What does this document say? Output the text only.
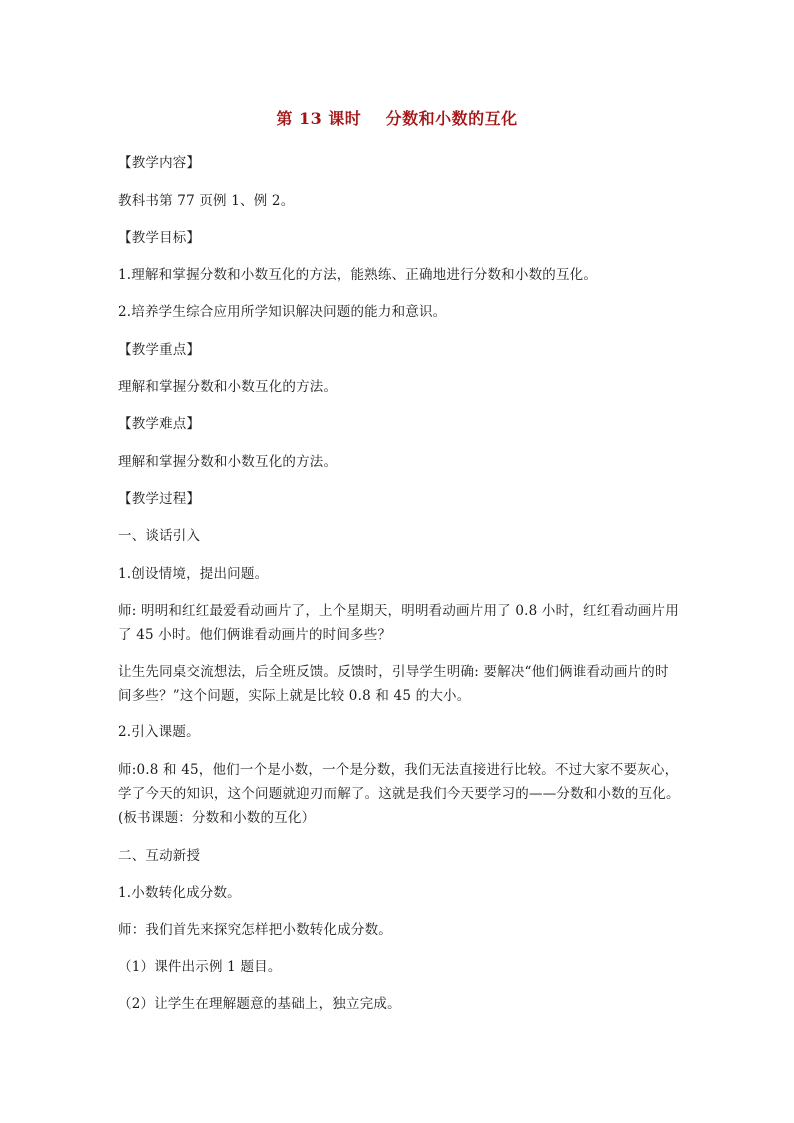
第 13 课时    分数和小数的互化
【教学内容】
教科书第 77 页例 1、例 2。
【教学目标】
1.理解和掌握分数和小数互化的方法，能熟练、正确地进行分数和小数的互化。
2.培养学生综合应用所学知识解决问题的能力和意识。
【教学重点】
理解和掌握分数和小数互化的方法。
【教学难点】
理解和掌握分数和小数互化的方法。
【教学过程】
一、谈话引入
1.创设情境，提出问题。
师: 明明和红红最爱看动画片了，上个星期天，明明看动画片用了 0.8 小时，红红看动画片用了 45 小时。他们俩谁看动画片的时间多些？
让生先同桌交流想法，后全班反馈。反馈时，引导学生明确: 要解决“他们俩谁看动画片的时间多些？”这个问题，实际上就是比较 0.8 和 45 的大小。
2.引入课题。
师:0.8 和 45，他们一个是小数，一个是分数，我们无法直接进行比较。不过大家不要灰心，学了今天的知识，这个问题就迎刃而解了。这就是我们今天要学习的——分数和小数的互化。(板书课题：分数和小数的互化）
二、互动新授
1.小数转化成分数。
师：我们首先来探究怎样把小数转化成分数。
（1）课件出示例 1 题目。
（2）让学生在理解题意的基础上，独立完成。
